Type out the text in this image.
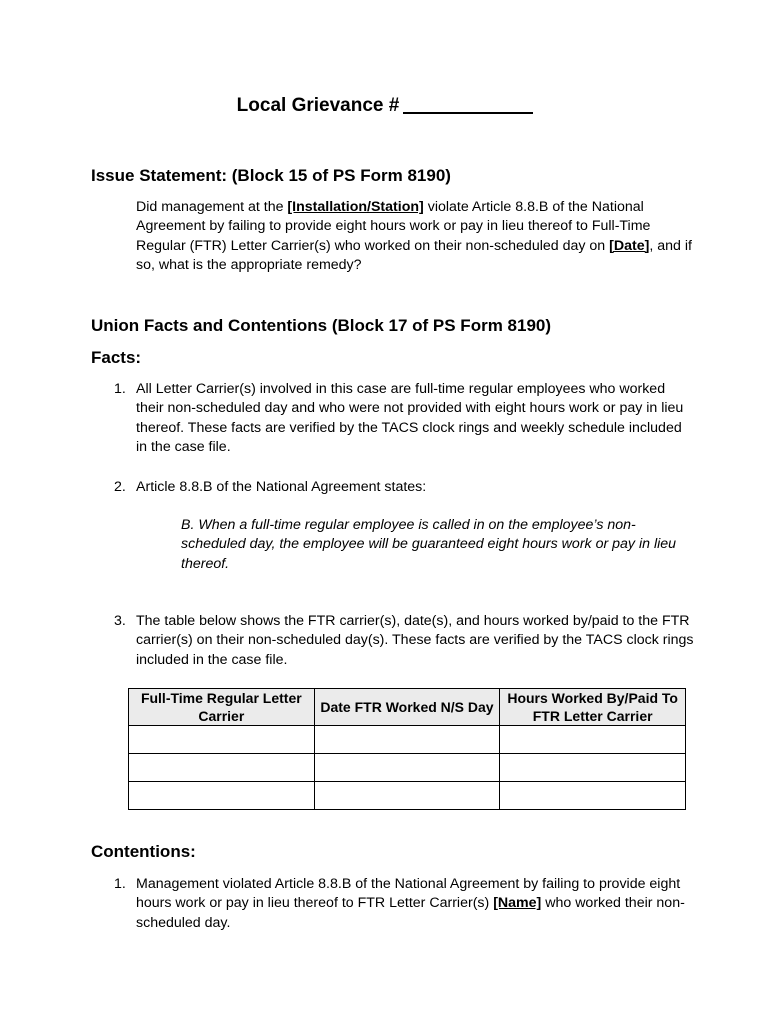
Local Grievance #
Issue Statement: (Block 15 of PS Form 8190)
Did management at the [Installation/Station] violate Article 8.8.B of the National Agreement by failing to provide eight hours work or pay in lieu thereof to Full-Time Regular (FTR) Letter Carrier(s) who worked on their non-scheduled day on [Date], and if so, what is the appropriate remedy?
Union Facts and Contentions (Block 17 of PS Form 8190)
Facts:
1. All Letter Carrier(s) involved in this case are full-time regular employees who worked their non-scheduled day and who were not provided with eight hours work or pay in lieu thereof. These facts are verified by the TACS clock rings and weekly schedule included in the case file.
2. Article 8.8.B of the National Agreement states:
B. When a full-time regular employee is called in on the employee’s non-scheduled day, the employee will be guaranteed eight hours work or pay in lieu thereof.
3. The table below shows the FTR carrier(s), date(s), and hours worked by/paid to the FTR carrier(s) on their non-scheduled day(s). These facts are verified by the TACS clock rings included in the case file.
Full-Time Regular Letter Carrier	Date FTR Worked N/S Day	Hours Worked By/Paid To FTR Letter Carrier

Contentions:
1. Management violated Article 8.8.B of the National Agreement by failing to provide eight hours work or pay in lieu thereof to FTR Letter Carrier(s) [Name] who worked their non-scheduled day.
